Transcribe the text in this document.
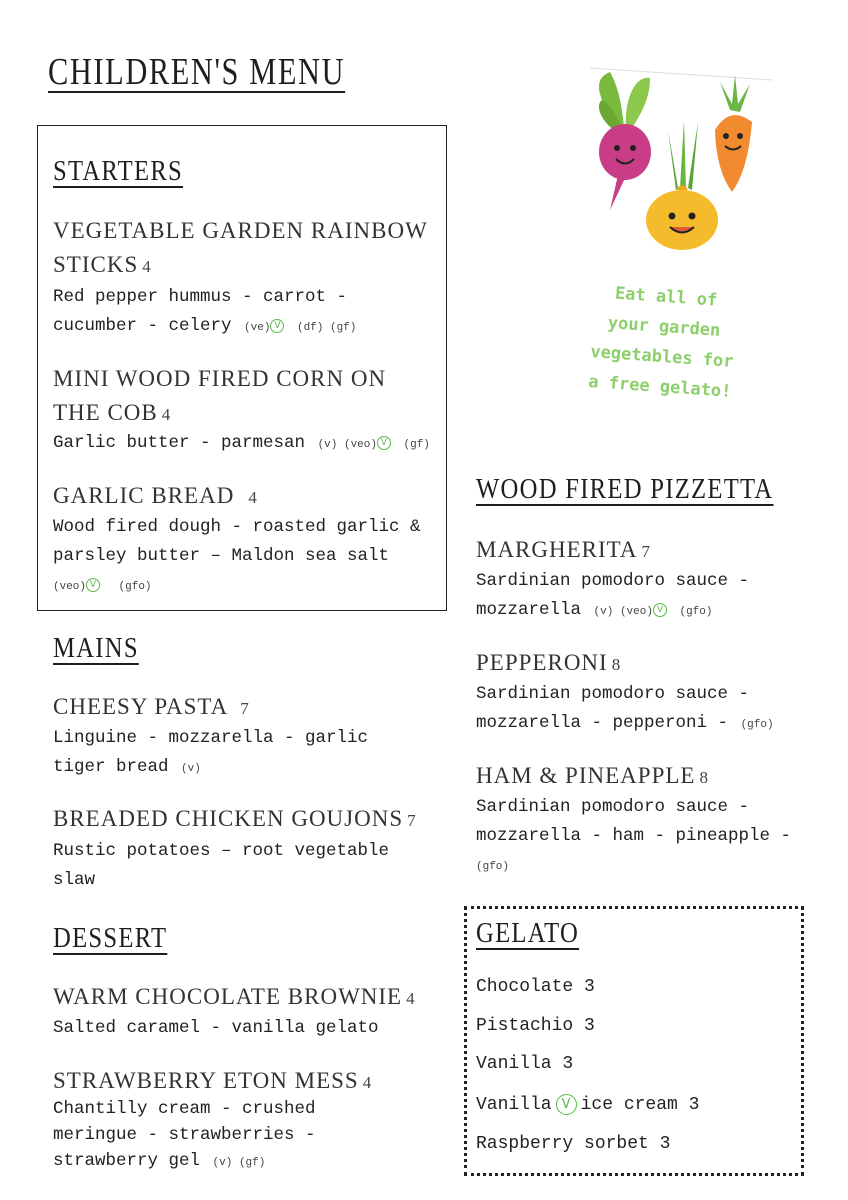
CHILDREN'S MENU
Eat all of
your garden
vegetables for
a free gelato!
STARTERS
VEGETABLE GARDEN RAINBOW STICKS 4
Red pepper hummus - carrot - cucumber - celery (ve) V (df) (gf)
MINI WOOD FIRED CORN ON THE COB 4
Garlic butter - parmesan (v) (veo) V (gf)
GARLIC BREAD 4
Wood fired dough - roasted garlic & parsley butter – Maldon sea salt
(veo) V (gfo)
MAINS
CHEESY PASTA 7
Linguine - mozzarella - garlic tiger bread (v)
BREADED CHICKEN GOUJONS 7
Rustic potatoes – root vegetable slaw
DESSERT
WARM CHOCOLATE BROWNIE 4
Salted caramel - vanilla gelato
STRAWBERRY ETON MESS 4
Chantilly cream - crushed meringue - strawberries - strawberry gel (v) (gf)
WOOD FIRED PIZZETTA
MARGHERITA 7
Sardinian pomodoro sauce - mozzarella (v) (veo) V (gfo)
PEPPERONI 8
Sardinian pomodoro sauce - mozzarella - pepperoni - (gfo)
HAM & PINEAPPLE 8
Sardinian pomodoro sauce - mozzarella - ham - pineapple - (gfo)
GELATO

Chocolate 3

Pistachio 3

Vanilla 3

Vanilla V ice cream 3

Raspberry sorbet 3
